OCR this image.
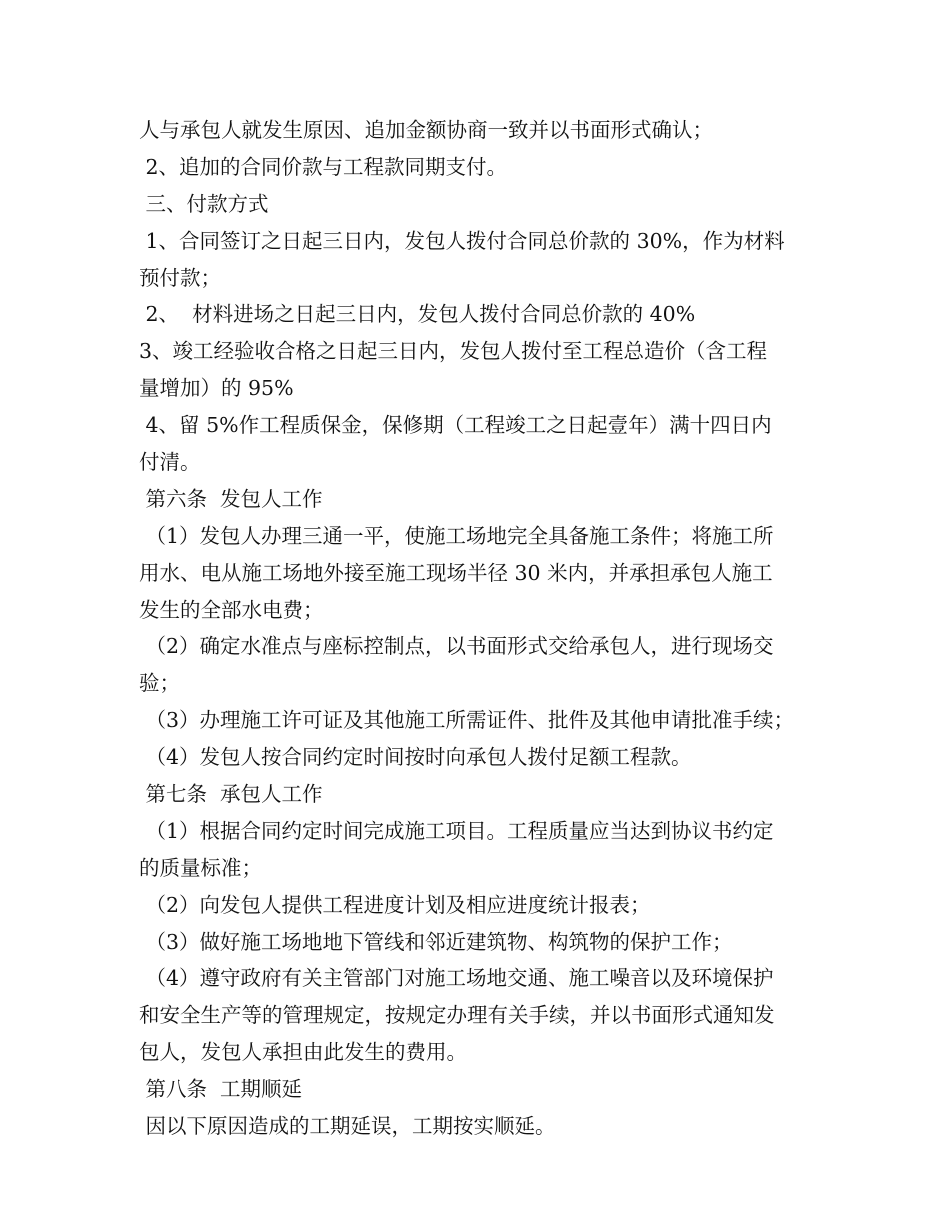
人与承包人就发生原因、追加金额协商一致并以书面形式确认；
2、追加的合同价款与工程款同期支付。
三、付款方式
1、合同签订之日起三日内，发包人拨付合同总价款的 30%，作为材料
预付款；
2、  材料进场之日起三日内，发包人拨付合同总价款的 40%
3、竣工经验收合格之日起三日内，发包人拨付至工程总造价（含工程
量增加）的 95%
4、留 5%作工程质保金，保修期（工程竣工之日起壹年）满十四日内
付清。
第六条  发包人工作
（1）发包人办理三通一平，使施工场地完全具备施工条件；将施工所
用水、电从施工场地外接至施工现场半径 30 米内，并承担承包人施工
发生的全部水电费；
（2）确定水准点与座标控制点，以书面形式交给承包人，进行现场交
验；
（3）办理施工许可证及其他施工所需证件、批件及其他申请批准手续；
（4）发包人按合同约定时间按时向承包人拨付足额工程款。
第七条  承包人工作
（1）根据合同约定时间完成施工项目。工程质量应当达到协议书约定
的质量标准；
（2）向发包人提供工程进度计划及相应进度统计报表；
（3）做好施工场地地下管线和邻近建筑物、构筑物的保护工作；
（4）遵守政府有关主管部门对施工场地交通、施工噪音以及环境保护
和安全生产等的管理规定，按规定办理有关手续，并以书面形式通知发
包人，发包人承担由此发生的费用。
第八条  工期顺延
因以下原因造成的工期延误，工期按实顺延。
